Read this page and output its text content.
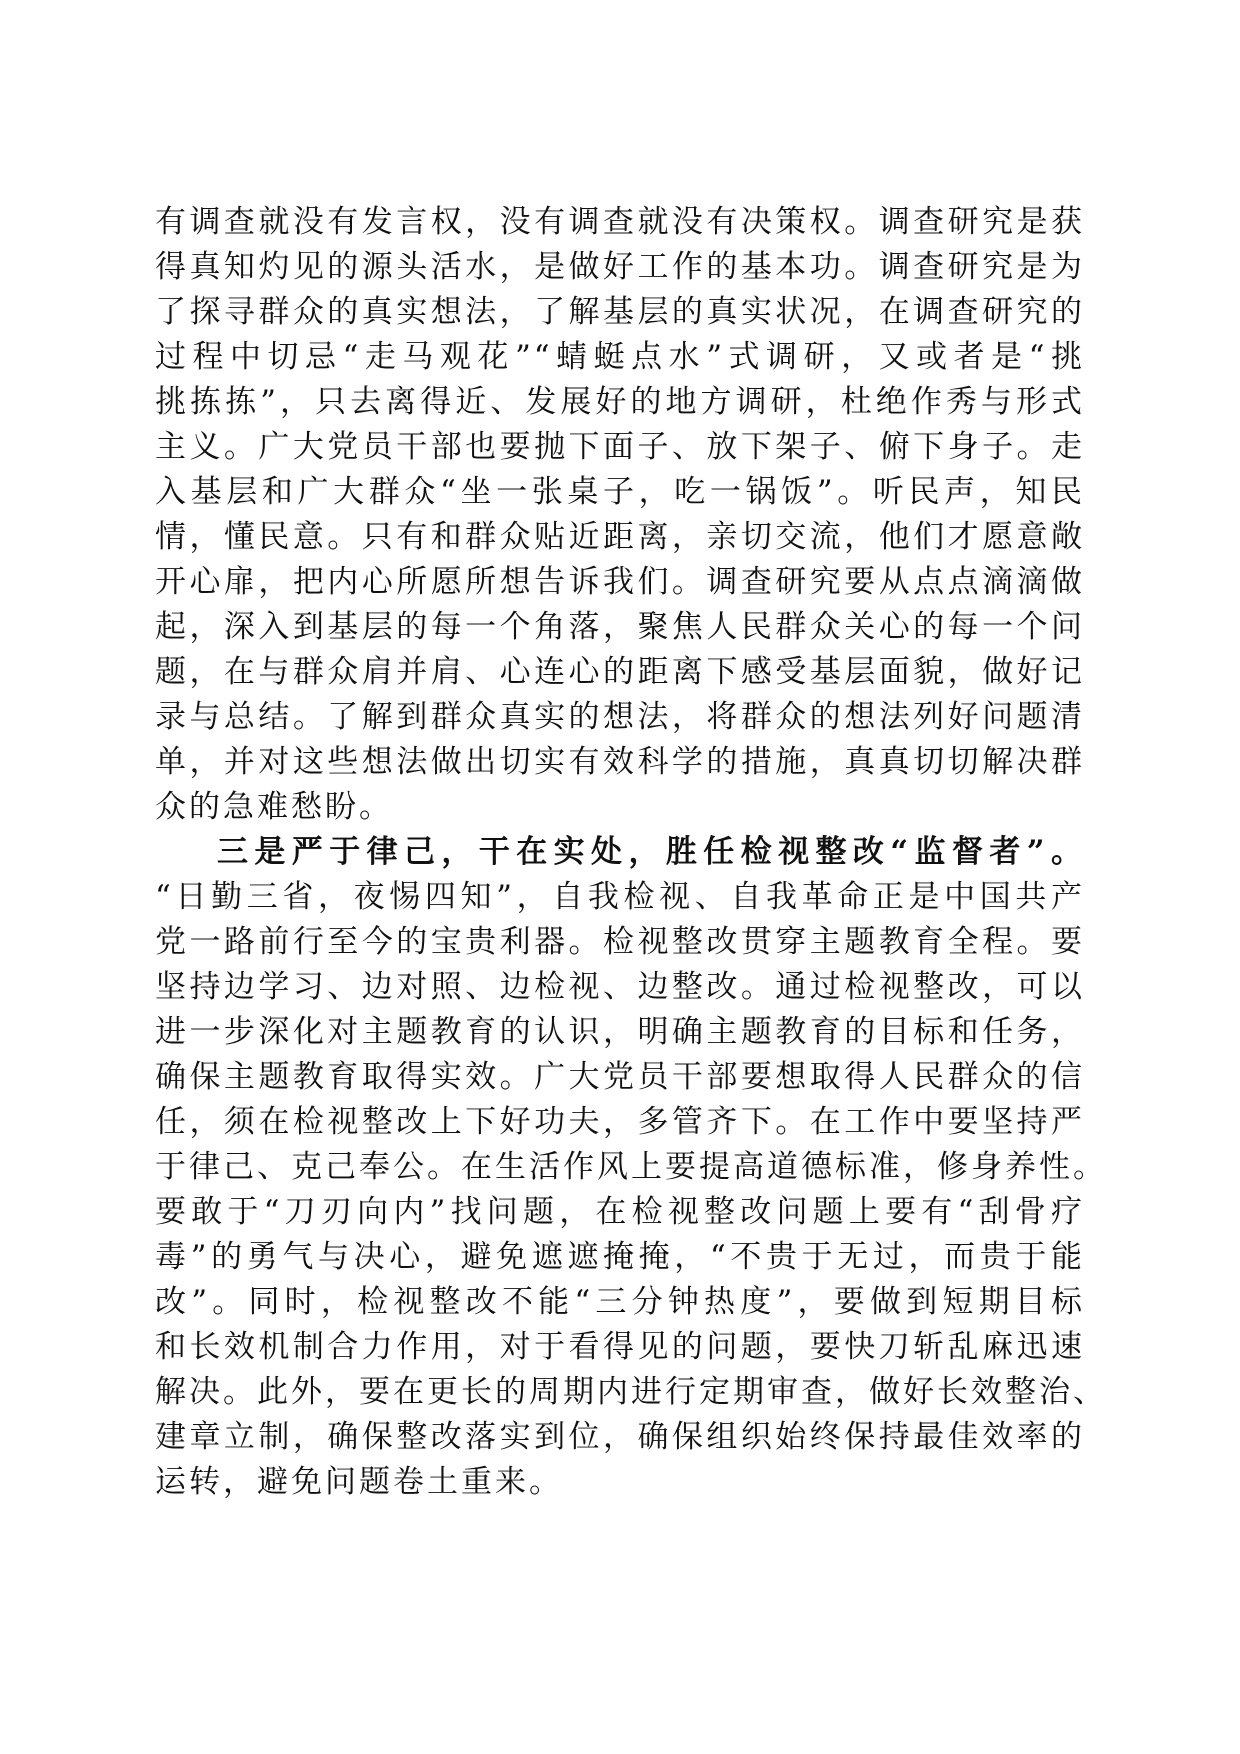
有调查就没有发言权，没有调查就没有决策权。调查研究是获
得真知灼见的源头活水，是做好工作的基本功。调查研究是为
了探寻群众的真实想法，了解基层的真实状况，在调查研究的
过程中切忌“走马观花”“蜻蜓点水”式调研，又或者是“挑
挑拣拣”，只去离得近、发展好的地方调研，杜绝作秀与形式
主义。广大党员干部也要抛下面子、放下架子、俯下身子。走
入基层和广大群众“坐一张桌子，吃一锅饭”。听民声，知民
情，懂民意。只有和群众贴近距离，亲切交流，他们才愿意敞
开心扉，把内心所愿所想告诉我们。调查研究要从点点滴滴做
起，深入到基层的每一个角落，聚焦人民群众关心的每一个问
题，在与群众肩并肩、心连心的距离下感受基层面貌，做好记
录与总结。了解到群众真实的想法，将群众的想法列好问题清
单，并对这些想法做出切实有效科学的措施，真真切切解决群
众的急难愁盼。
三是严于律己，干在实处，胜任检视整改“监督者”。
“日勤三省，夜惕四知”，自我检视、自我革命正是中国共产
党一路前行至今的宝贵利器。检视整改贯穿主题教育全程。要
坚持边学习、边对照、边检视、边整改。通过检视整改，可以
进一步深化对主题教育的认识，明确主题教育的目标和任务，
确保主题教育取得实效。广大党员干部要想取得人民群众的信
任，须在检视整改上下好功夫，多管齐下。在工作中要坚持严
于律己、克己奉公。在生活作风上要提高道德标准，修身养性。
要敢于“刀刃向内”找问题，在检视整改问题上要有“刮骨疗
毒”的勇气与决心，避免遮遮掩掩，“不贵于无过，而贵于能
改”。同时，检视整改不能“三分钟热度”，要做到短期目标
和长效机制合力作用，对于看得见的问题，要快刀斩乱麻迅速
解决。此外，要在更长的周期内进行定期审查，做好长效整治、
建章立制，确保整改落实到位，确保组织始终保持最佳效率的
运转，避免问题卷土重来。
